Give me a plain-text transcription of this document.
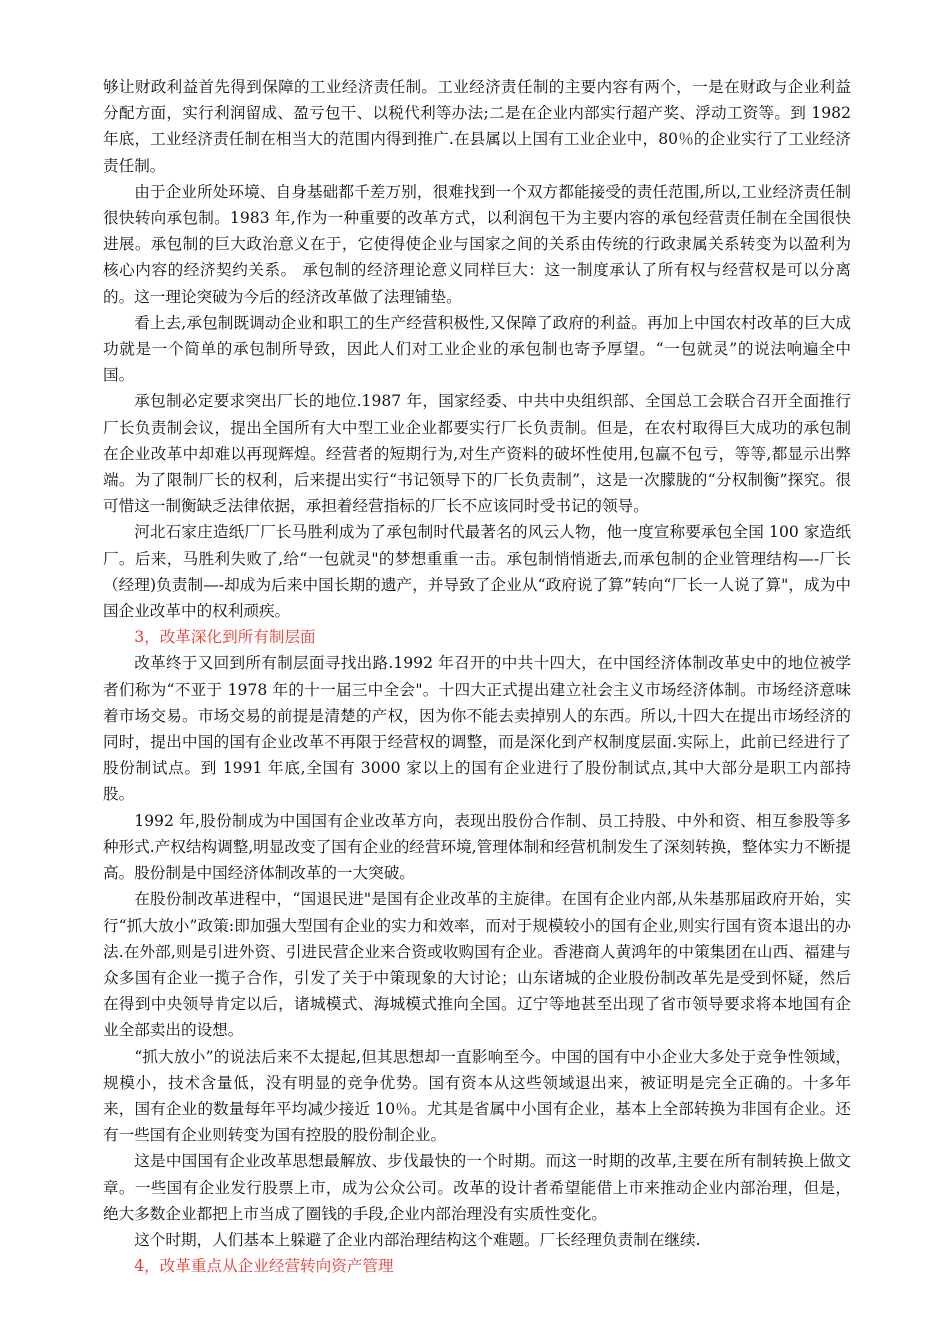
够让财政利益首先得到保障的工业经济责任制。工业经济责任制的主要内容有两个，一是在财政与企业利益分配方面，实行利润留成、盈亏包干、以税代利等办法;二是在企业内部实行超产奖、浮动工资等。到 1982 年底，工业经济责任制在相当大的范围内得到推广.在县属以上国有工业企业中，80％的企业实行了工业经济责任制。

由于企业所处环境、自身基础都千差万别，很难找到一个双方都能接受的责任范围,所以,工业经济责任制很快转向承包制。1983 年,作为一种重要的改革方式，以利润包干为主要内容的承包经营责任制在全国很快进展。承包制的巨大政治意义在于，它使得使企业与国家之间的关系由传统的行政隶属关系转变为以盈利为核心内容的经济契约关系。 承包制的经济理论意义同样巨大：这一制度承认了所有权与经营权是可以分离的。这一理论突破为今后的经济改革做了法理铺垫。

看上去,承包制既调动企业和职工的生产经营积极性,又保障了政府的利益。再加上中国农村改革的巨大成功就是一个简单的承包制所导致，因此人们对工业企业的承包制也寄予厚望。“一包就灵”的说法响遍全中国。

承包制必定要求突出厂长的地位.1987 年，国家经委、中共中央组织部、全国总工会联合召开全面推行厂长负责制会议，提出全国所有大中型工业企业都要实行厂长负责制。但是，在农村取得巨大成功的承包制在企业改革中却难以再现辉煌。经营者的短期行为,对生产资料的破坏性使用,包赢不包亏，等等,都显示出弊端。为了限制厂长的权利，后来提出实行“书记领导下的厂长负责制”，这是一次朦胧的“分权制衡”探究。很可惜这一制衡缺乏法律依据，承担着经营指标的厂长不应该同时受书记的领导。

河北石家庄造纸厂厂长马胜利成为了承包制时代最著名的风云人物，他一度宣称要承包全国 100 家造纸厂。后来，马胜利失败了,给“一包就灵"的梦想重重一击。承包制悄悄逝去,而承包制的企业管理结构—-厂长（经理)负责制—-却成为后来中国长期的遗产，并导致了企业从“政府说了算”转向“厂长一人说了算"，成为中国企业改革中的权利顽疾。

3，改革深化到所有制层面

改革终于又回到所有制层面寻找出路.1992 年召开的中共十四大，在中国经济体制改革史中的地位被学者们称为“不亚于 1978 年的十一届三中全会"。十四大正式提出建立社会主义市场经济体制。市场经济意味着市场交易。市场交易的前提是清楚的产权，因为你不能去卖掉别人的东西。所以,十四大在提出市场经济的同时，提出中国的国有企业改革不再限于经营权的调整，而是深化到产权制度层面.实际上，此前已经进行了股份制试点。到 1991 年底,全国有 3000 家以上的国有企业进行了股份制试点,其中大部分是职工内部持股。

1992 年,股份制成为中国国有企业改革方向，表现出股份合作制、员工持股、中外和资、相互参股等多种形式.产权结构调整,明显改变了国有企业的经营环境,管理体制和经营机制发生了深刻转换，整体实力不断提高。股份制是中国经济体制改革的一大突破。

在股份制改革进程中，“国退民进"是国有企业改革的主旋律。在国有企业内部,从朱基那届政府开始，实行“抓大放小”政策:即加强大型国有企业的实力和效率，而对于规模较小的国有企业,则实行国有资本退出的办法.在外部,则是引进外资、引进民营企业来合资或收购国有企业。香港商人黄鸿年的中策集团在山西、福建与众多国有企业一揽子合作，引发了关于中策现象的大讨论；山东诸城的企业股份制改革先是受到怀疑，然后在得到中央领导肯定以后，诸城模式、海城模式推向全国。辽宁等地甚至出现了省市领导要求将本地国有企业全部卖出的设想。

“抓大放小”的说法后来不太提起,但其思想却一直影响至今。中国的国有中小企业大多处于竞争性领域，规模小，技术含量低，没有明显的竞争优势。国有资本从这些领域退出来，被证明是完全正确的。十多年来，国有企业的数量每年平均减少接近 10％。尤其是省属中小国有企业，基本上全部转换为非国有企业。还有一些国有企业则转变为国有控股的股份制企业。

这是中国国有企业改革思想最解放、步伐最快的一个时期。而这一时期的改革,主要在所有制转换上做文章。一些国有企业发行股票上市，成为公众公司。改革的设计者希望能借上市来推动企业内部治理，但是，绝大多数企业都把上市当成了圈钱的手段,企业内部治理没有实质性变化。

这个时期，人们基本上躲避了企业内部治理结构这个难题。厂长经理负责制在继续.

4，改革重点从企业经营转向资产管理
